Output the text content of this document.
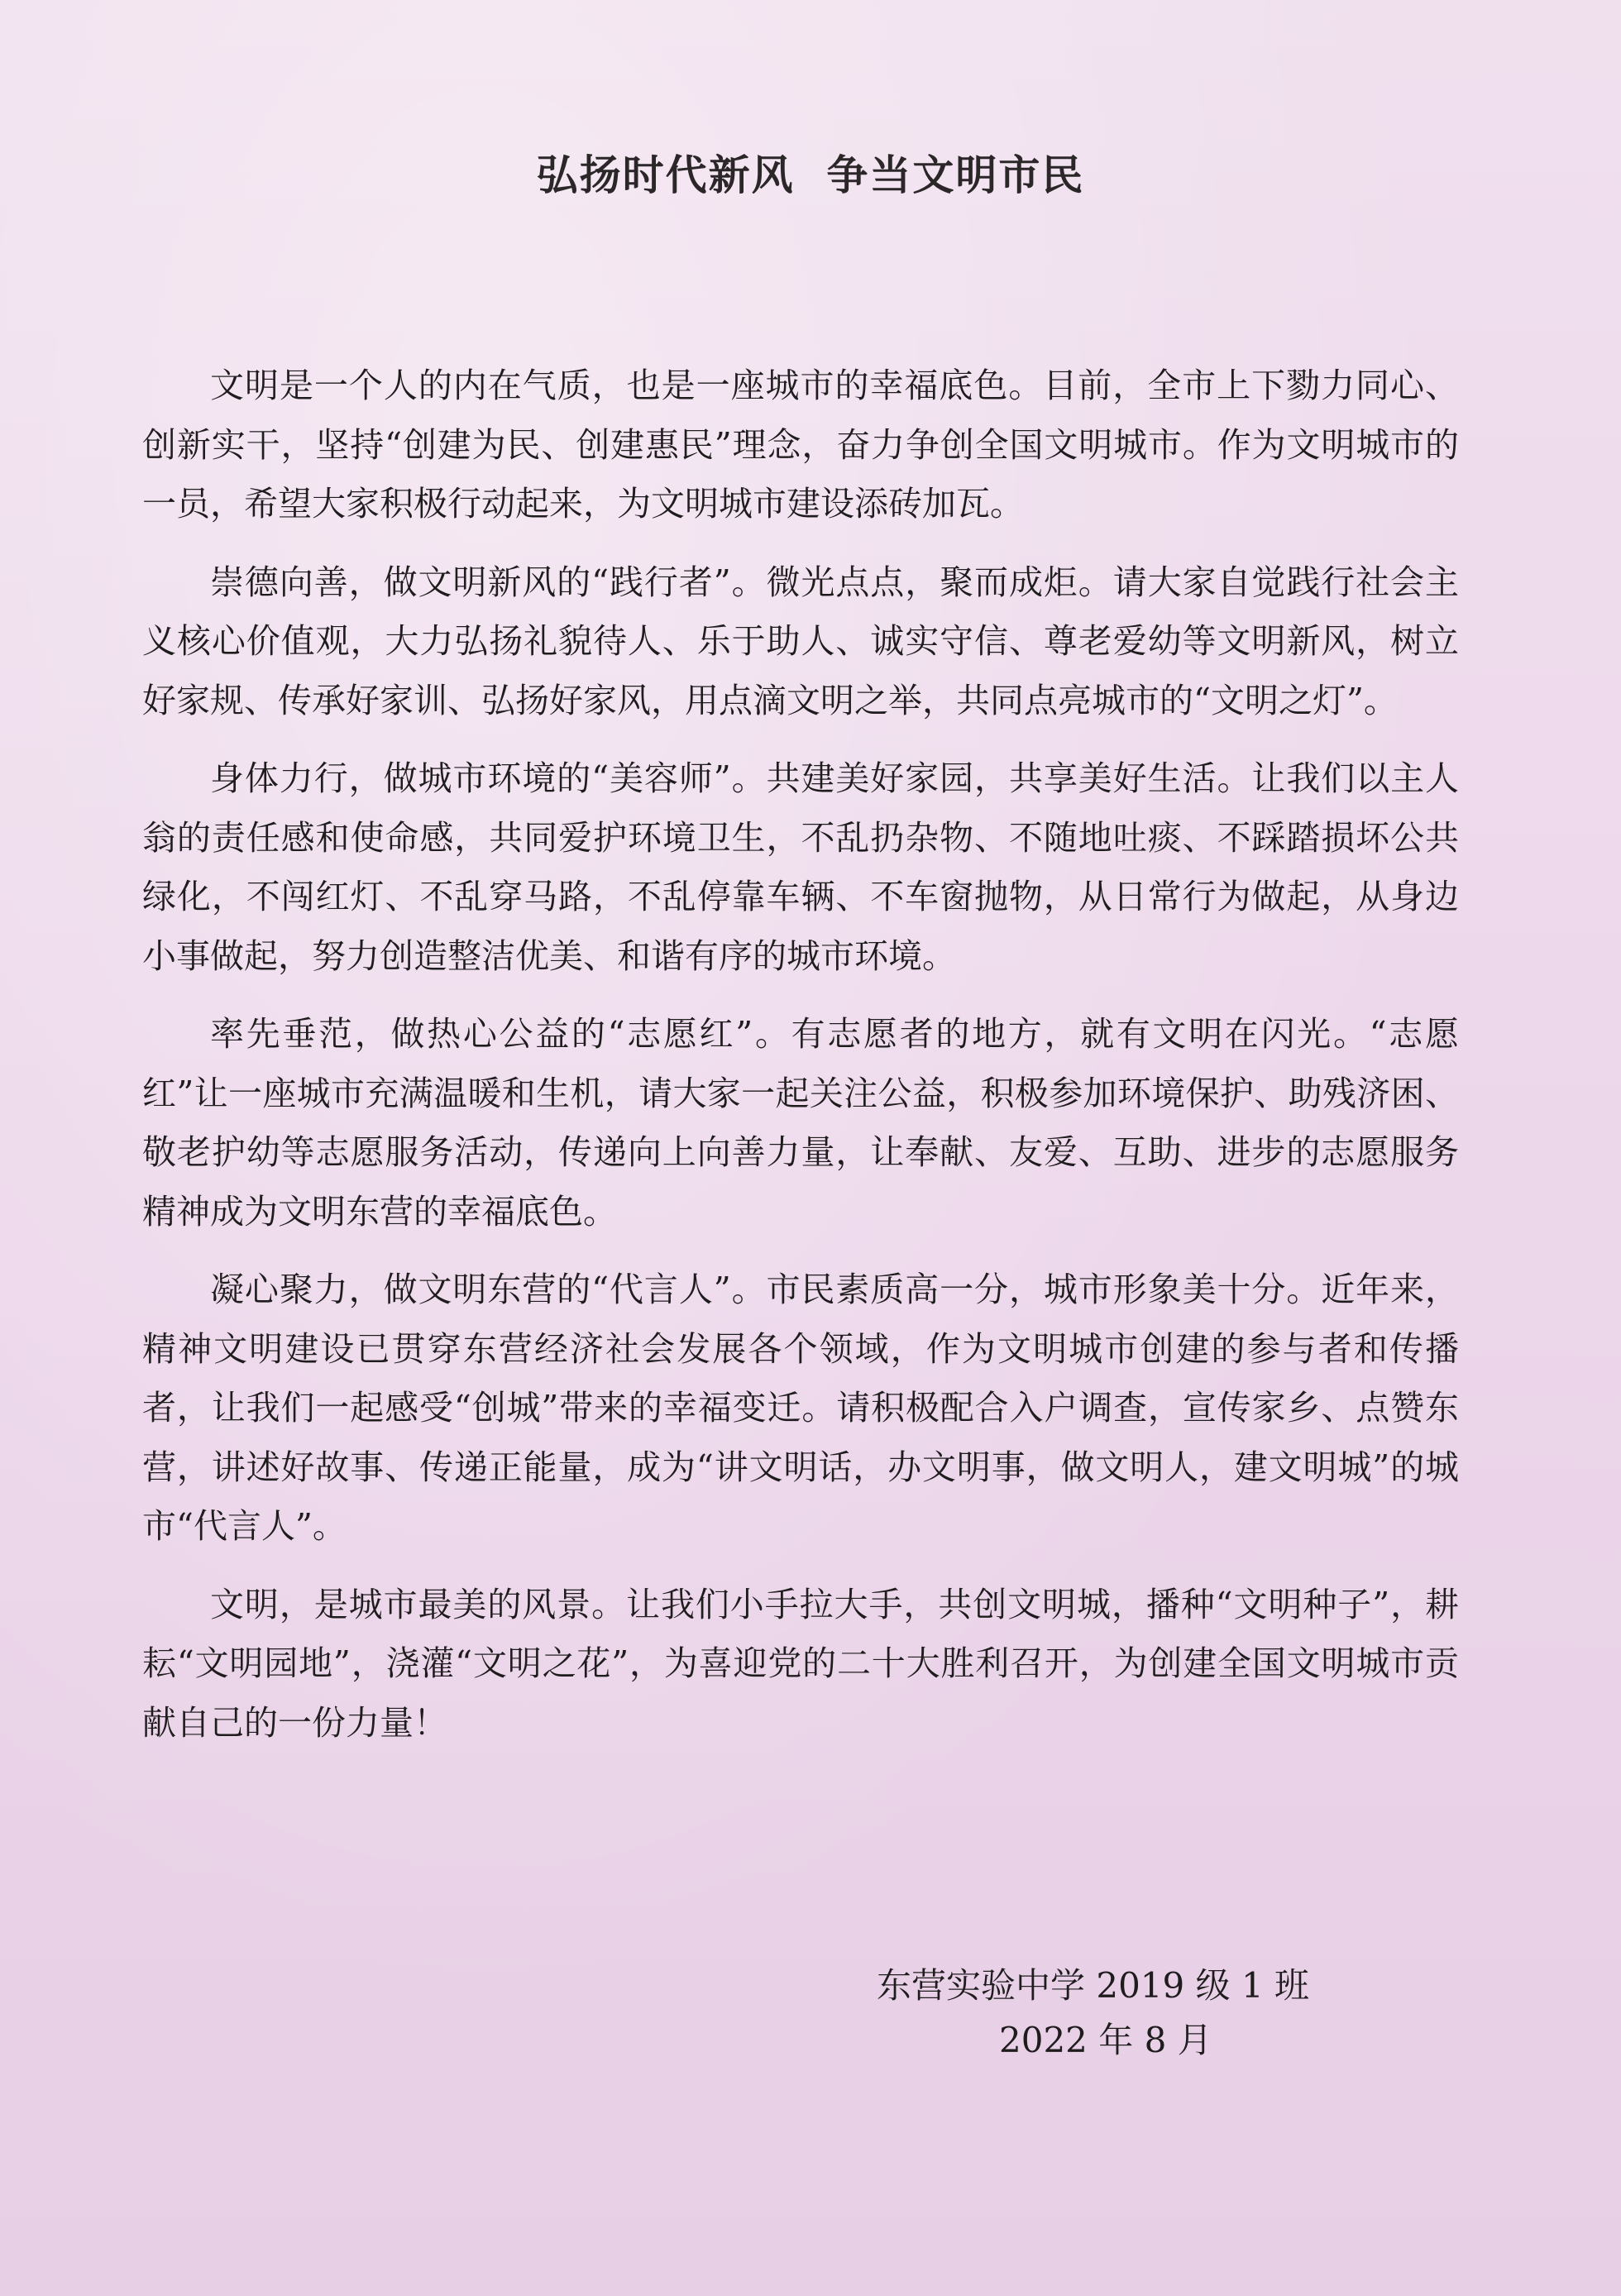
弘扬时代新风  争当文明市民

文明是一个人的内在气质，也是一座城市的幸福底色。目前，全市上下勠力同心、创新实干，坚持“创建为民、创建惠民”理念，奋力争创全国文明城市。作为文明城市的一员，希望大家积极行动起来，为文明城市建设添砖加瓦。

崇德向善，做文明新风的“践行者”。微光点点，聚而成炬。请大家自觉践行社会主义核心价值观，大力弘扬礼貌待人、乐于助人、诚实守信、尊老爱幼等文明新风，树立好家规、传承好家训、弘扬好家风，用点滴文明之举，共同点亮城市的“文明之灯”。

身体力行，做城市环境的“美容师”。共建美好家园，共享美好生活。让我们以主人翁的责任感和使命感，共同爱护环境卫生，不乱扔杂物、不随地吐痰、不踩踏损坏公共绿化，不闯红灯、不乱穿马路，不乱停靠车辆、不车窗抛物，从日常行为做起，从身边小事做起，努力创造整洁优美、和谐有序的城市环境。

率先垂范，做热心公益的“志愿红”。有志愿者的地方，就有文明在闪光。“志愿红”让一座城市充满温暖和生机，请大家一起关注公益，积极参加环境保护、助残济困、敬老护幼等志愿服务活动，传递向上向善力量，让奉献、友爱、互助、进步的志愿服务精神成为文明东营的幸福底色。

凝心聚力，做文明东营的“代言人”。市民素质高一分，城市形象美十分。近年来，精神文明建设已贯穿东营经济社会发展各个领域，作为文明城市创建的参与者和传播者，让我们一起感受“创城”带来的幸福变迁。请积极配合入户调查，宣传家乡、点赞东营，讲述好故事、传递正能量，成为“讲文明话，办文明事，做文明人，建文明城”的城市“代言人”。

文明，是城市最美的风景。让我们小手拉大手，共创文明城，播种“文明种子”，耕耘“文明园地”，浇灌“文明之花”，为喜迎党的二十大胜利召开，为创建全国文明城市贡献自己的一份力量！

东营实验中学 2019 级 1 班
2022 年 8 月
